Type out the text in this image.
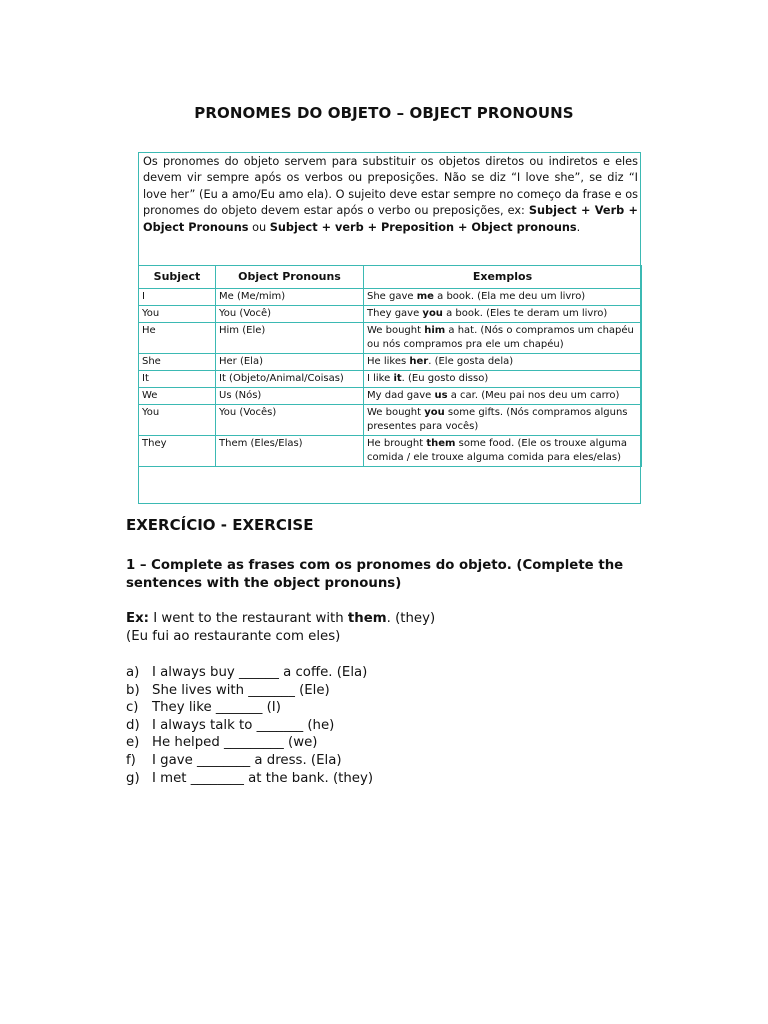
PRONOMES DO OBJETO – OBJECT PRONOUNS
Os pronomes do objeto servem para substituir os objetos diretos ou indiretos e eles devem vir sempre após os verbos ou preposições. Não se diz “I love she”, se diz “I love her” (Eu a amo/Eu amo ela). O sujeito deve estar sempre no começo da frase e os pronomes do objeto devem estar após o verbo ou preposições, ex: Subject + Verb + Object Pronouns ou Subject + verb + Preposition + Object pronouns.
Subject	Object Pronouns	Exemplos
I	Me (Me/mim)	She gave me a book. (Ela me deu um livro)
You	You (Você)	They gave you a book. (Eles te deram um livro)
He	Him (Ele)	We bought him a hat. (Nós o compramos um chapéu ou nós compramos pra ele um chapéu)
She	Her (Ela)	He likes her. (Ele gosta dela)
It	It (Objeto/Animal/Coisas)	I like it. (Eu gosto disso)
We	Us (Nós)	My dad gave us a car. (Meu pai nos deu um carro)
You	You (Vocês)	We bought you some gifts. (Nós compramos alguns presentes para vocês)
They	Them (Eles/Elas)	He brought them some food. (Ele os trouxe alguma comida / ele trouxe alguma comida para eles/elas)
EXERCÍCIO - EXERCISE
1 – Complete as frases com os pronomes do objeto. (Complete the sentences with the object pronouns)
Ex: I went to the restaurant with them. (they)
(Eu fui ao restaurante com eles)
a) I always buy ______ a coffe. (Ela)
b) She lives with _______ (Ele)
c) They like _______ (I)
d) I always talk to _______ (he)
e) He helped _________ (we)
f) I gave ________ a dress. (Ela)
g) I met ________ at the bank. (they)
